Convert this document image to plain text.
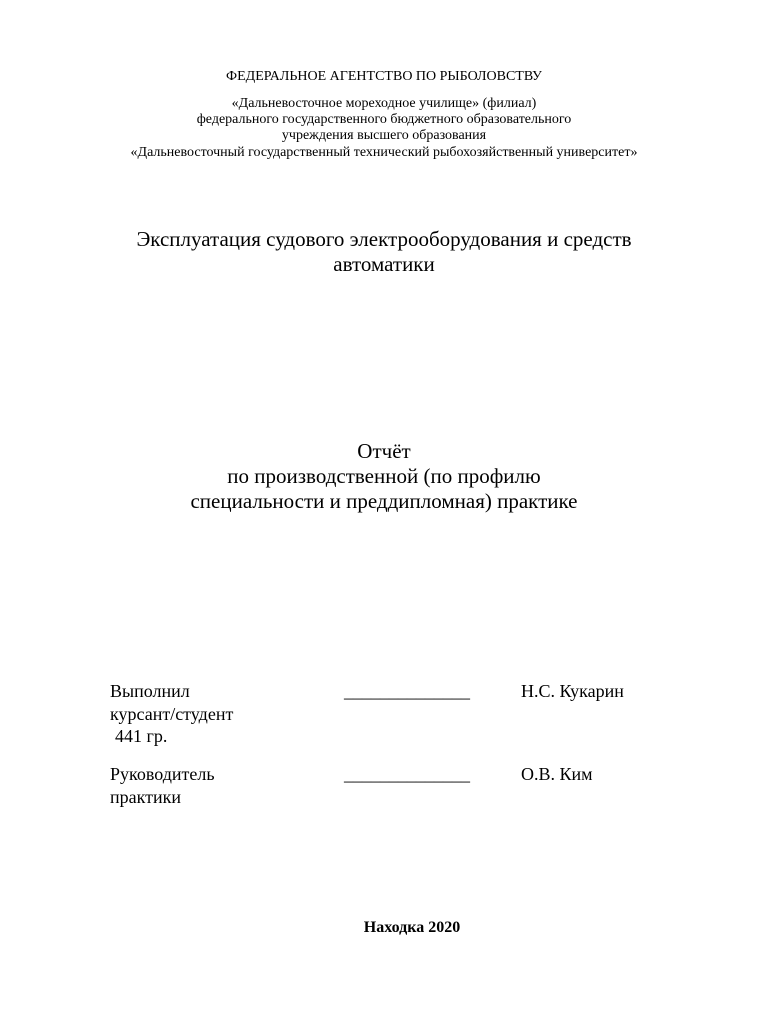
ФЕДЕРАЛЬНОЕ АГЕНТСТВО ПО РЫБОЛОВСТВУ
«Дальневосточное мореходное училище» (филиал)
федерального государственного бюджетного образовательного
учреждения высшего образования
«Дальневосточный государственный технический рыбохозяйственный университет»
Эксплуатация судового электрооборудования и средств
автоматики
Отчёт
по производственной (по профилю
специальности и преддипломная) практике
Выполнил
курсант/студент
441 гр.
______________	Н.С. Кукарин
Руководитель
практики
______________	О.В. Ким
Находка 2020
